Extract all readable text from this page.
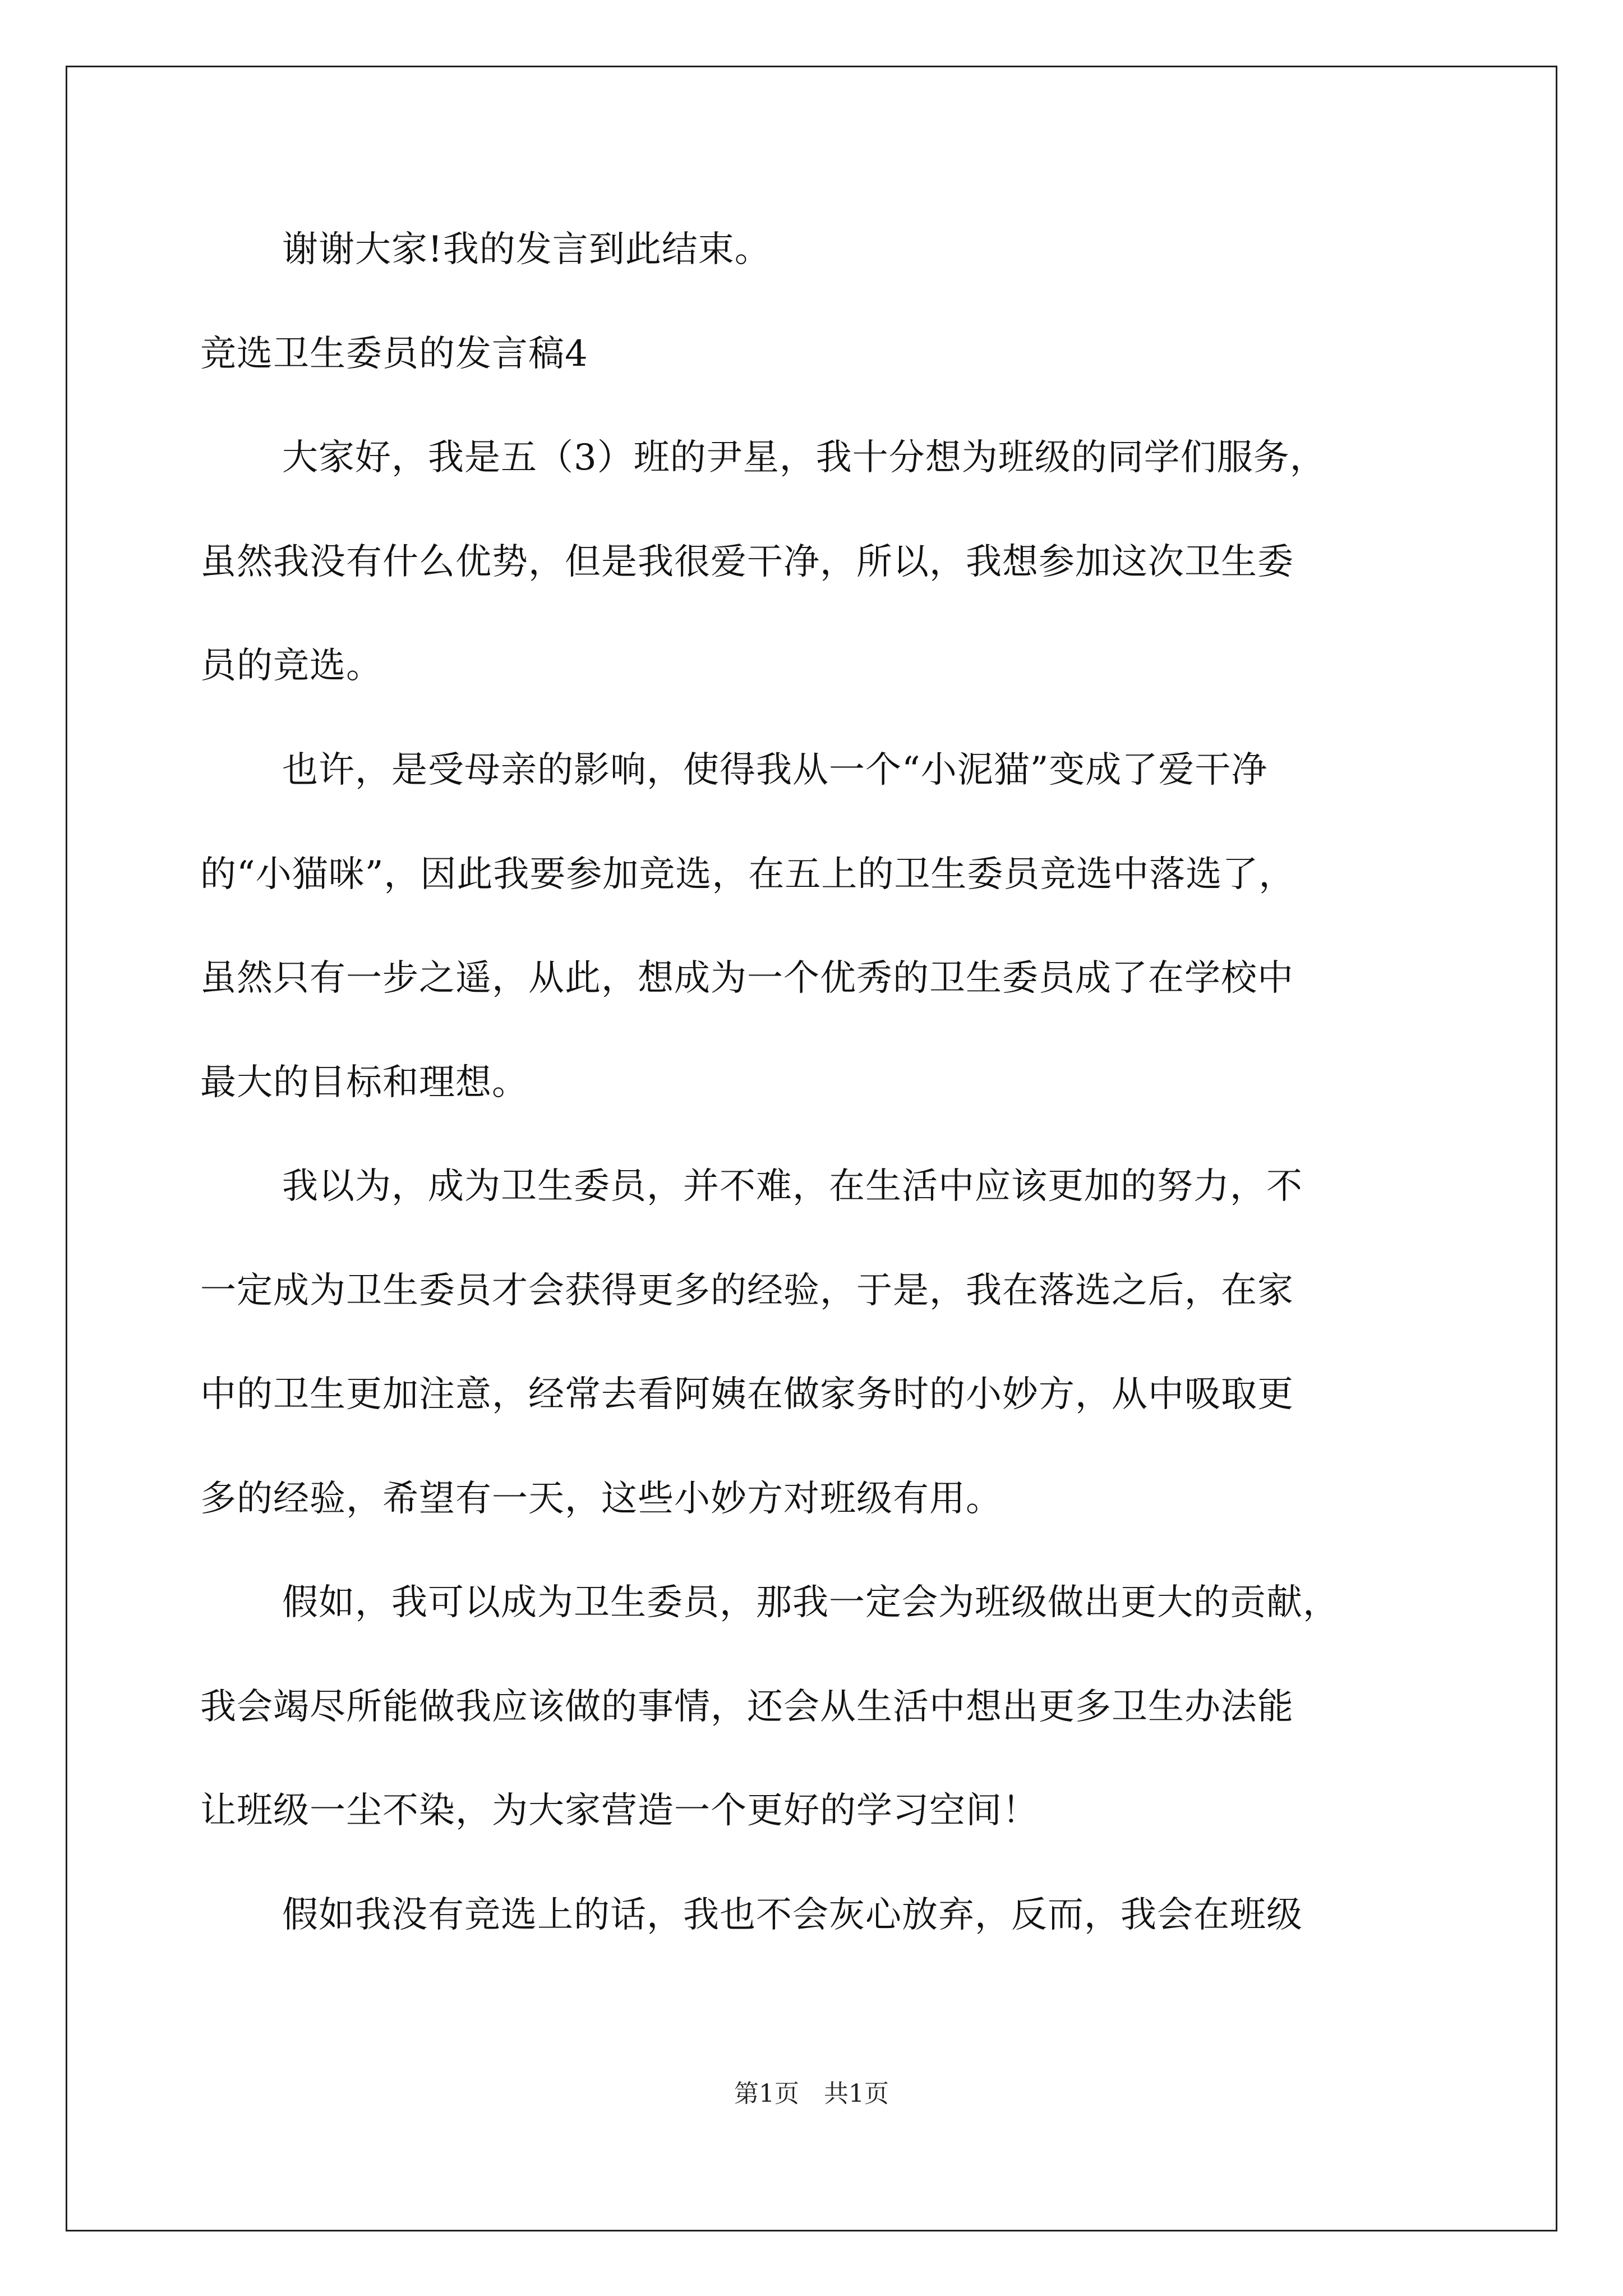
谢谢大家!我的发言到此结束。
竞选卫生委员的发言稿4
大家好，我是五（3）班的尹星，我十分想为班级的同学们服务，
虽然我没有什么优势，但是我很爱干净，所以，我想参加这次卫生委
员的竞选。
也许，是受母亲的影响，使得我从一个“小泥猫”变成了爱干净
的“小猫咪”，因此我要参加竞选，在五上的卫生委员竞选中落选了，
虽然只有一步之遥，从此，想成为一个优秀的卫生委员成了在学校中
最大的目标和理想。
我以为，成为卫生委员，并不难，在生活中应该更加的努力，不
一定成为卫生委员才会获得更多的经验，于是，我在落选之后，在家
中的卫生更加注意，经常去看阿姨在做家务时的小妙方，从中吸取更
多的经验，希望有一天，这些小妙方对班级有用。
假如，我可以成为卫生委员，那我一定会为班级做出更大的贡献，
我会竭尽所能做我应该做的事情，还会从生活中想出更多卫生办法能
让班级一尘不染，为大家营造一个更好的学习空间！
假如我没有竞选上的话，我也不会灰心放弃，反而，我会在班级
第1页　共1页
